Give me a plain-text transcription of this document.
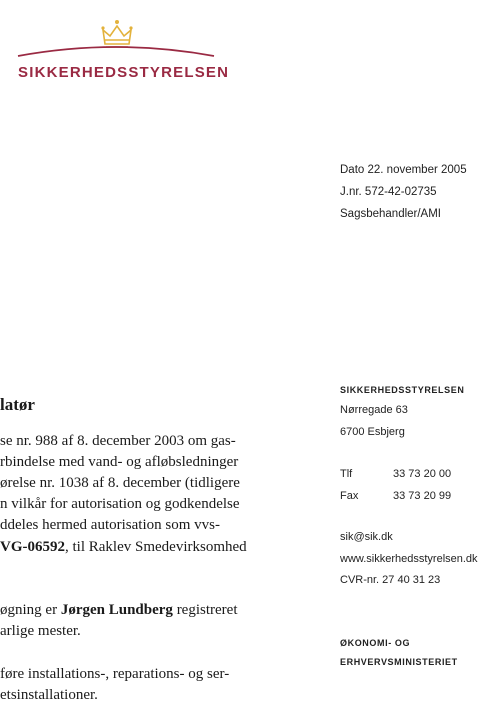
SIKKERHEDSSTYRELSEN
Dato 22. november 2005
J.nr. 572-42-02735
Sagsbehandler/AMI
SIKKERHEDSSTYRELSEN
Nørregade 63
6700 Esbjerg
Tlf	33 73 20 00
Fax	33 73 20 99
sik@sik.dk
www.sikkerhedsstyrelsen.dk
CVR-nr. 27 40 31 23
ØKONOMI- OG
ERHVERVSMINISTERIET
latør
se nr. 988 af 8. december 2003 om gas-
rbindelse med vand- og afløbsledninger
ørelse nr. 1038 af 8. december (tidligere
n vilkår for autorisation og godkendelse
ddeles hermed autorisation som vvs-
VG-06592, til Raklev Smedevirksomhed
øgning er Jørgen Lundberg registreret
arlige mester.
føre installations-, reparations- og ser-
etsinstallationer.
